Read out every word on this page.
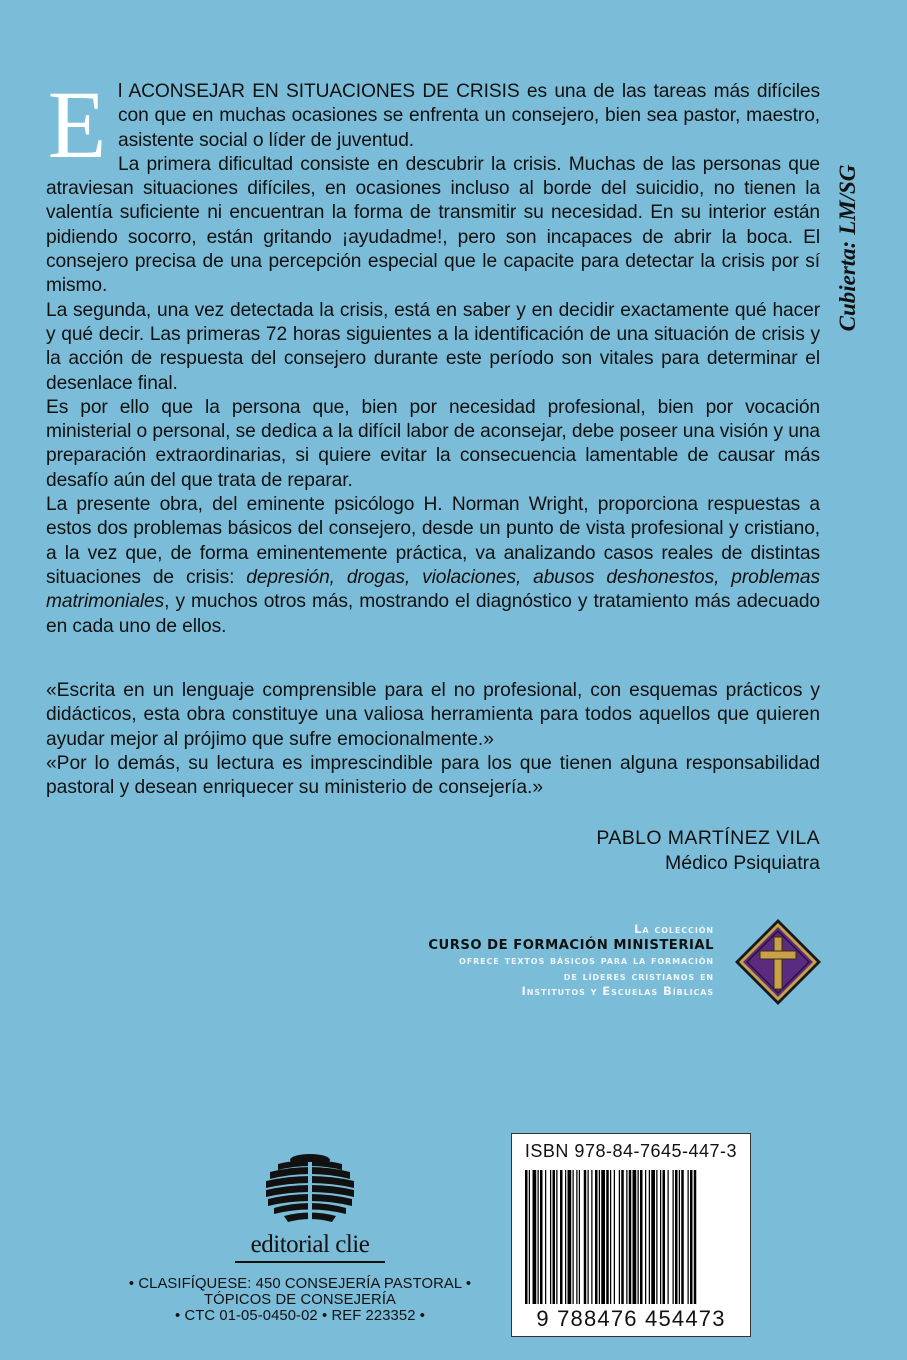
E l ACONSEJAR EN SITUACIONES DE CRISIS es una de las tareas más difíciles con que en muchas ocasiones se enfrenta un consejero, bien sea pastor, maestro, asistente social o líder de juventud.

La primera dificultad consiste en descubrir la crisis. Muchas de las personas que atraviesan situaciones difíciles, en ocasiones incluso al borde del suicidio, no tienen la valentía suficiente ni encuentran la forma de transmitir su necesidad. En su interior están pidiendo socorro, están gritando ¡ayudadme!, pero son incapaces de abrir la boca. El consejero precisa de una percepción especial que le capacite para detectar la crisis por sí mismo.

La segunda, una vez detectada la crisis, está en saber y en decidir exactamente qué hacer y qué decir. Las primeras 72 horas siguientes a la identificación de una situación de crisis y la acción de respuesta del consejero durante este período son vitales para determinar el desenlace final.

Es por ello que la persona que, bien por necesidad profesional, bien por vocación ministerial o personal, se dedica a la difícil labor de aconsejar, debe poseer una visión y una preparación extraordinarias, si quiere evitar la consecuencia lamentable de causar más desafío aún del que trata de reparar.

La presente obra, del eminente psicólogo H. Norman Wright, proporciona respuestas a estos dos problemas básicos del consejero, desde un punto de vista profesional y cristiano, a la vez que, de forma eminentemente práctica, va analizando casos reales de distintas situaciones de crisis: depresión, drogas, violaciones, abusos deshonestos, problemas matrimoniales, y muchos otros más, mostrando el diagnóstico y tratamiento más adecuado en cada uno de ellos.

«Escrita en un lenguaje comprensible para el no profesional, con esquemas prácticos y didácticos, esta obra constituye una valiosa herramienta para todos aquellos que quieren ayudar mejor al prójimo que sufre emocionalmente.»

«Por lo demás, su lectura es imprescindible para los que tienen alguna responsabilidad pastoral y desean enriquecer su ministerio de consejería.»

PABLO MARTÍNEZ VILA
Médico Psiquiatra
Cubierta: LM/SG
La colección
CURSO DE FORMACIÓN MINISTERIAL
ofrece textos básicos para la formación
de líderes cristianos en
Institutos y Escuelas Bíblicas
editorial clie
• CLASIFÍQUESE: 450 CONSEJERÍA PASTORAL •
TÓPICOS DE CONSEJERÍA
• CTC 01-05-0450-02 • REF 223352 •
ISBN 978-84-7645-447-3
9 788476 454473
